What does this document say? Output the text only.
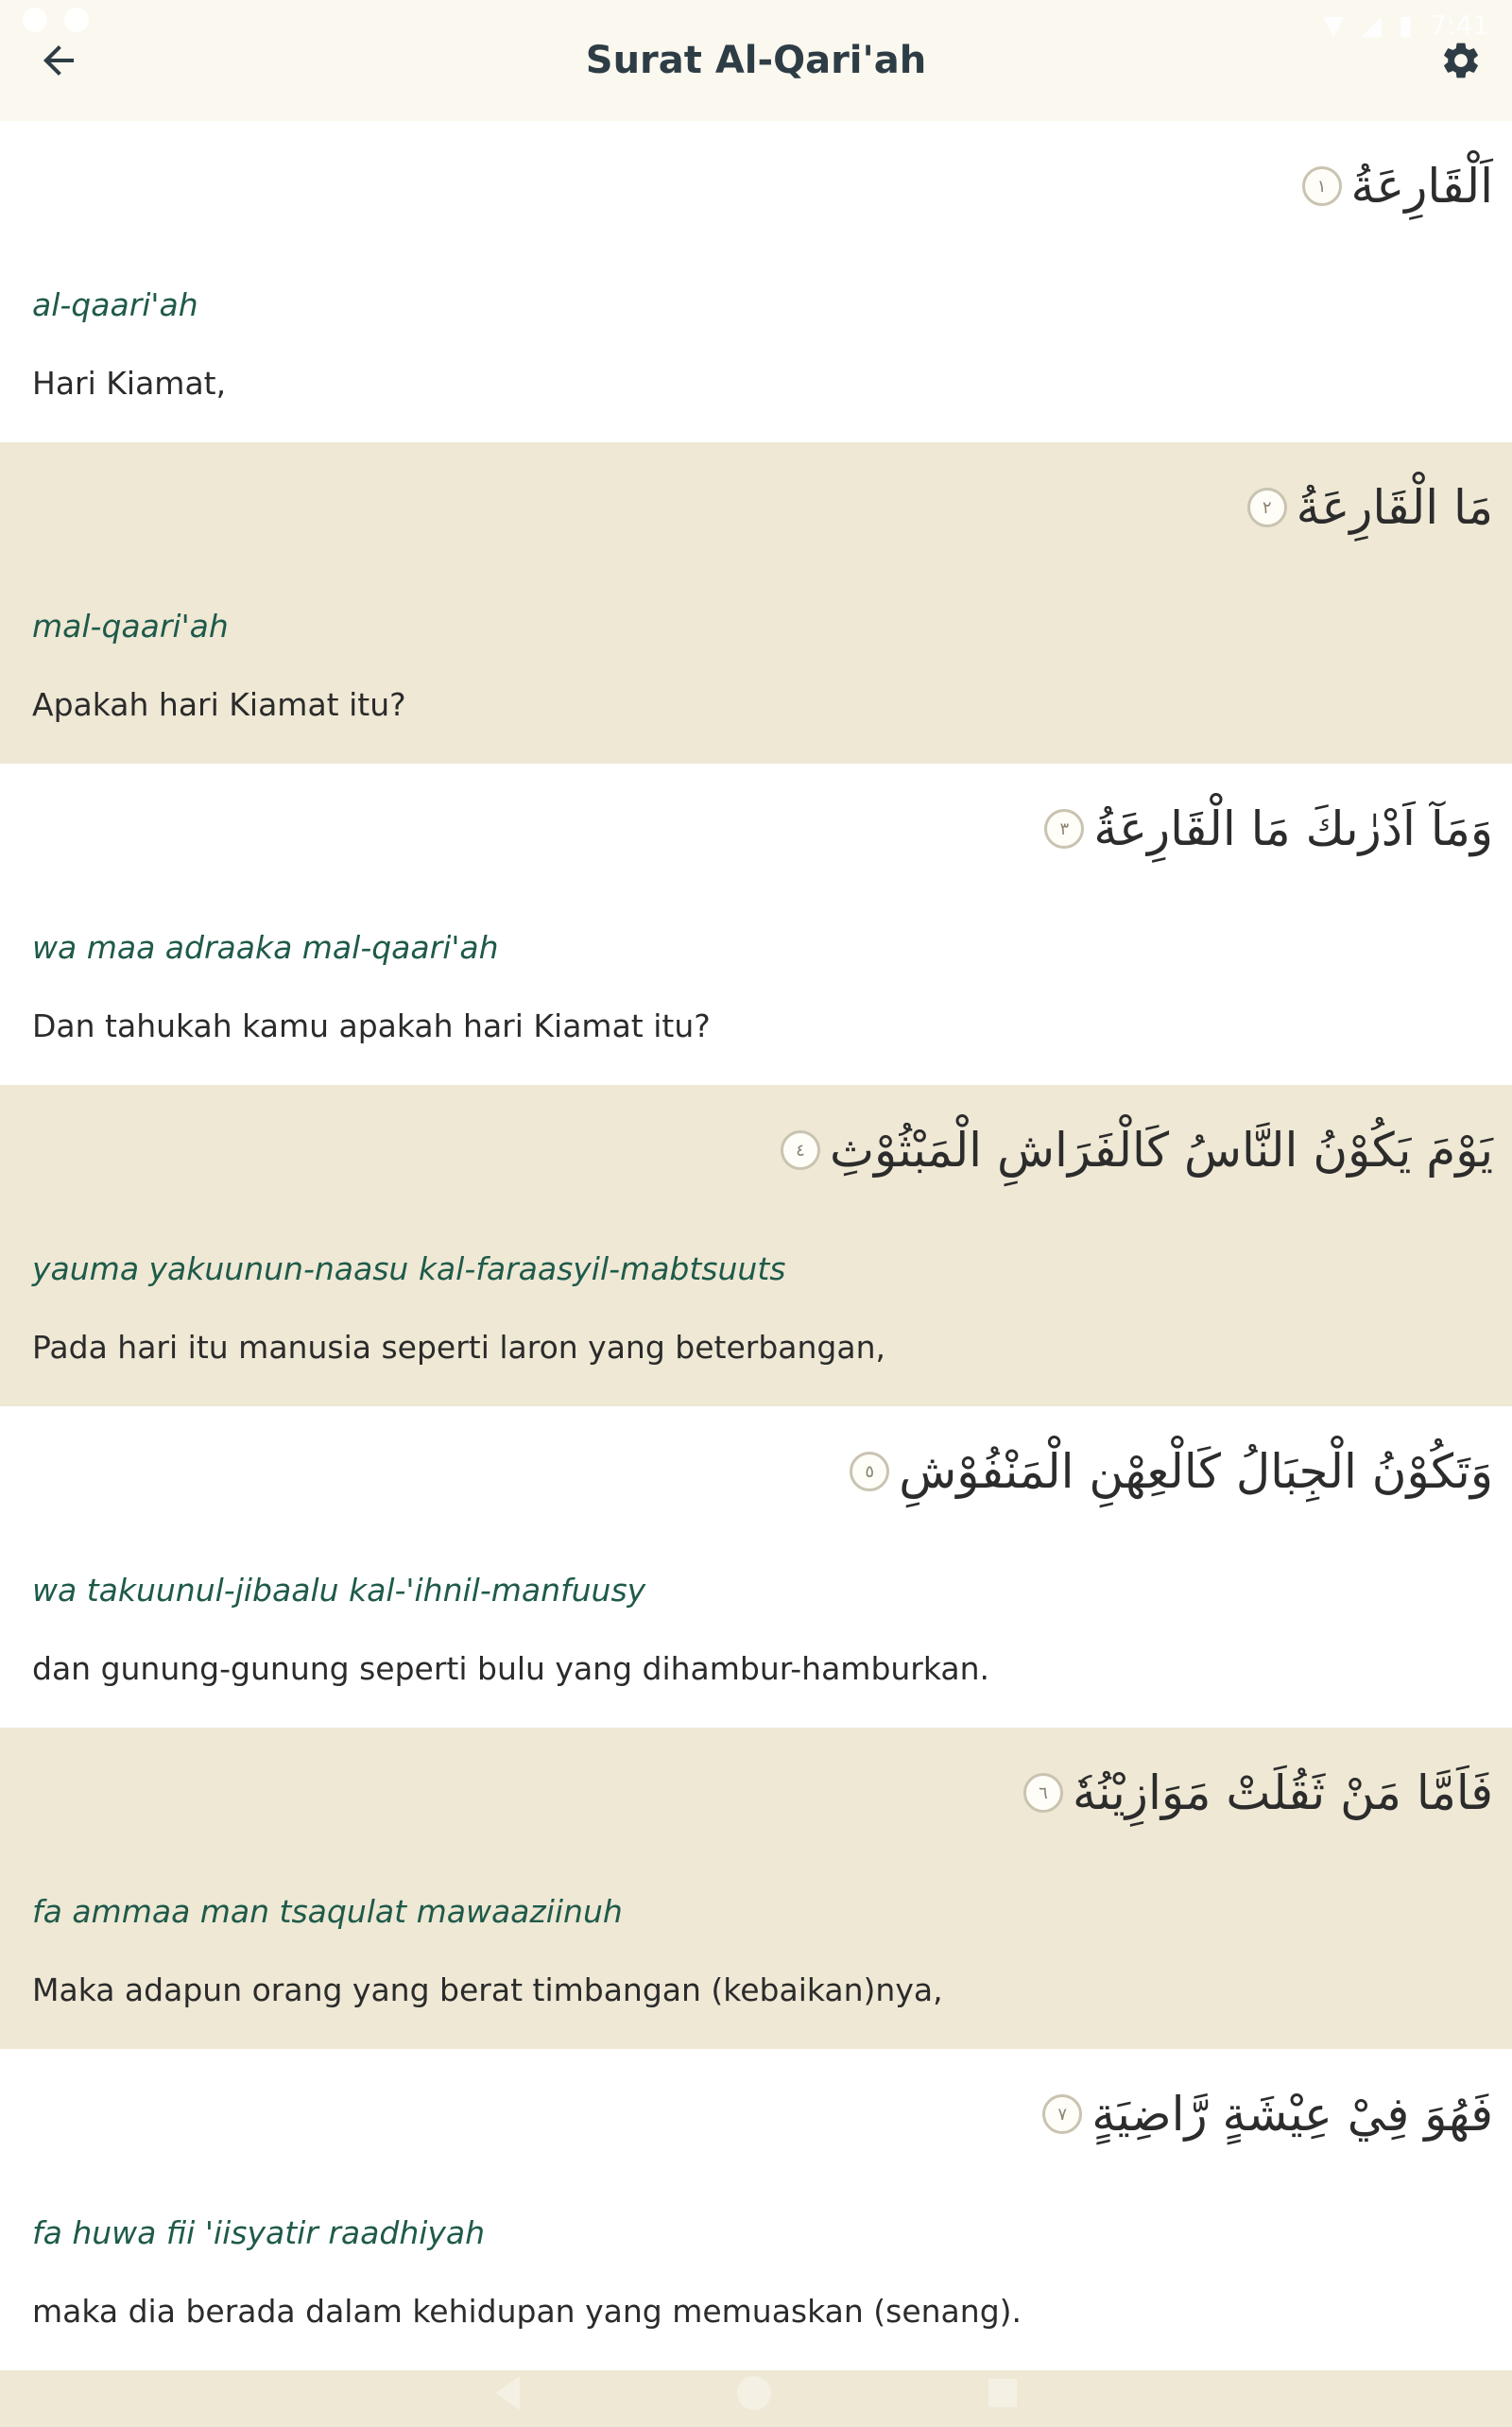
Surat Al-Qari'ah
▼ ◢ ▮ 7:41
اَلْقَارِعَةُ
١
al-qaari'ah
Hari Kiamat,
مَا الْقَارِعَةُ
٢
mal-qaari'ah
Apakah hari Kiamat itu?
وَمَآ اَدْرٰىكَ مَا الْقَارِعَةُ
٣
wa maa adraaka mal-qaari'ah
Dan tahukah kamu apakah hari Kiamat itu?
يَوْمَ يَكُوْنُ النَّاسُ كَالْفَرَاشِ الْمَبْثُوْثِ
٤
yauma yakuunun-naasu kal-faraasyil-mabtsuuts
Pada hari itu manusia seperti laron yang beterbangan,
وَتَكُوْنُ الْجِبَالُ كَالْعِهْنِ الْمَنْفُوْشِ
٥
wa takuunul-jibaalu kal-'ihnil-manfuusy
dan gunung-gunung seperti bulu yang dihambur-hamburkan.
فَاَمَّا مَنْ ثَقُلَتْ مَوَازِيْنُهٗ
٦
fa ammaa man tsaqulat mawaaziinuh
Maka adapun orang yang berat timbangan (kebaikan)nya,
فَهُوَ فِيْ عِيْشَةٍ رَّاضِيَةٍ
٧
fa huwa fii 'iisyatir raadhiyah
maka dia berada dalam kehidupan yang memuaskan (senang).
